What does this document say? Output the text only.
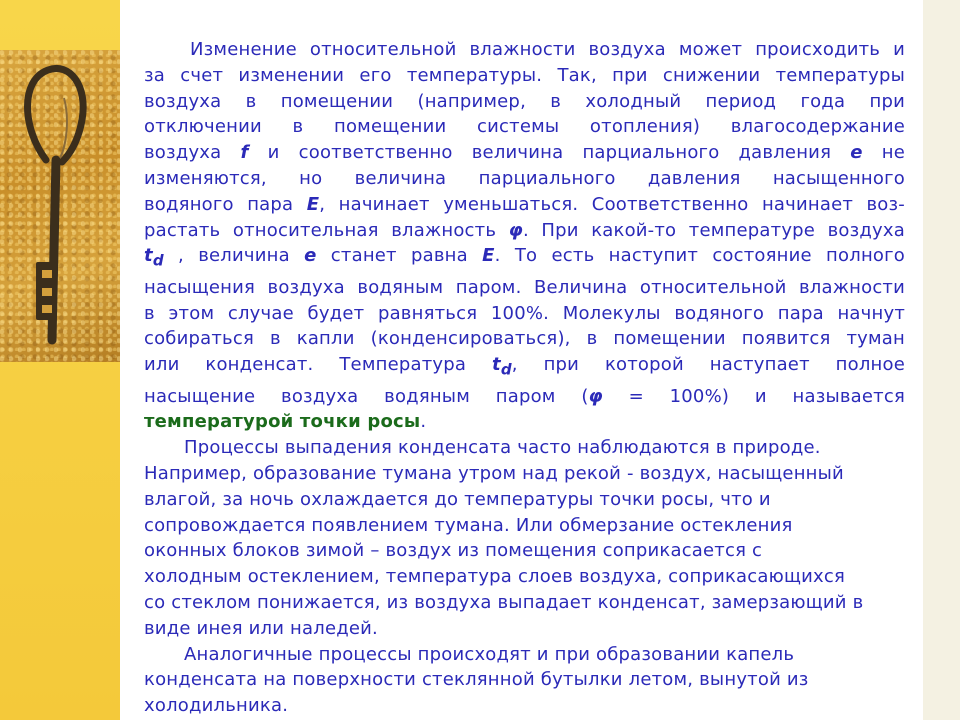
Изменение относительной влажности воздуха может происходить и

за счет изменении его температуры. Так, при снижении температуры

воздуха в помещении (например, в холодный период года при

отключении в помещении системы отопления) влагосодержание

воздуха f и соответственно величина парциального давления e не

изменяются, но величина парциального давления насыщенного

водяного пара E, начинает уменьшаться. Соответственно начинает воз-

растать относительная влажность φ. При какой-то температуре воздуха

$t_d$ , величина e станет равна E. То есть наступит состояние полного

насыщения воздуха водяным паром. Величина относительной влажности

в этом случае будет равняться 100%. Молекулы водяного пара начнут

собираться в капли (конденсироваться), в помещении появится туман

или конденсат. Температура $t_d$, при которой наступает полное

насыщение воздуха водяным паром (φ = 100%) и называется

температурой точки росы.

Процессы выпадения конденсата часто наблюдаются в природе.

Например, образование тумана утром над рекой - воздух, насыщенный

влагой, за ночь охлаждается до температуры точки росы, что и

сопровождается появлением тумана. Или обмерзание остекления

оконных блоков зимой – воздух из помещения соприкасается с

холодным остеклением, температура слоев воздуха, соприкасающихся

со стеклом понижается, из воздуха выпадает конденсат, замерзающий в

виде инея или наледей.

Аналогичные процессы происходят и при образовании капель

конденсата на поверхности стеклянной бутылки летом, вынутой из

холодильника.
